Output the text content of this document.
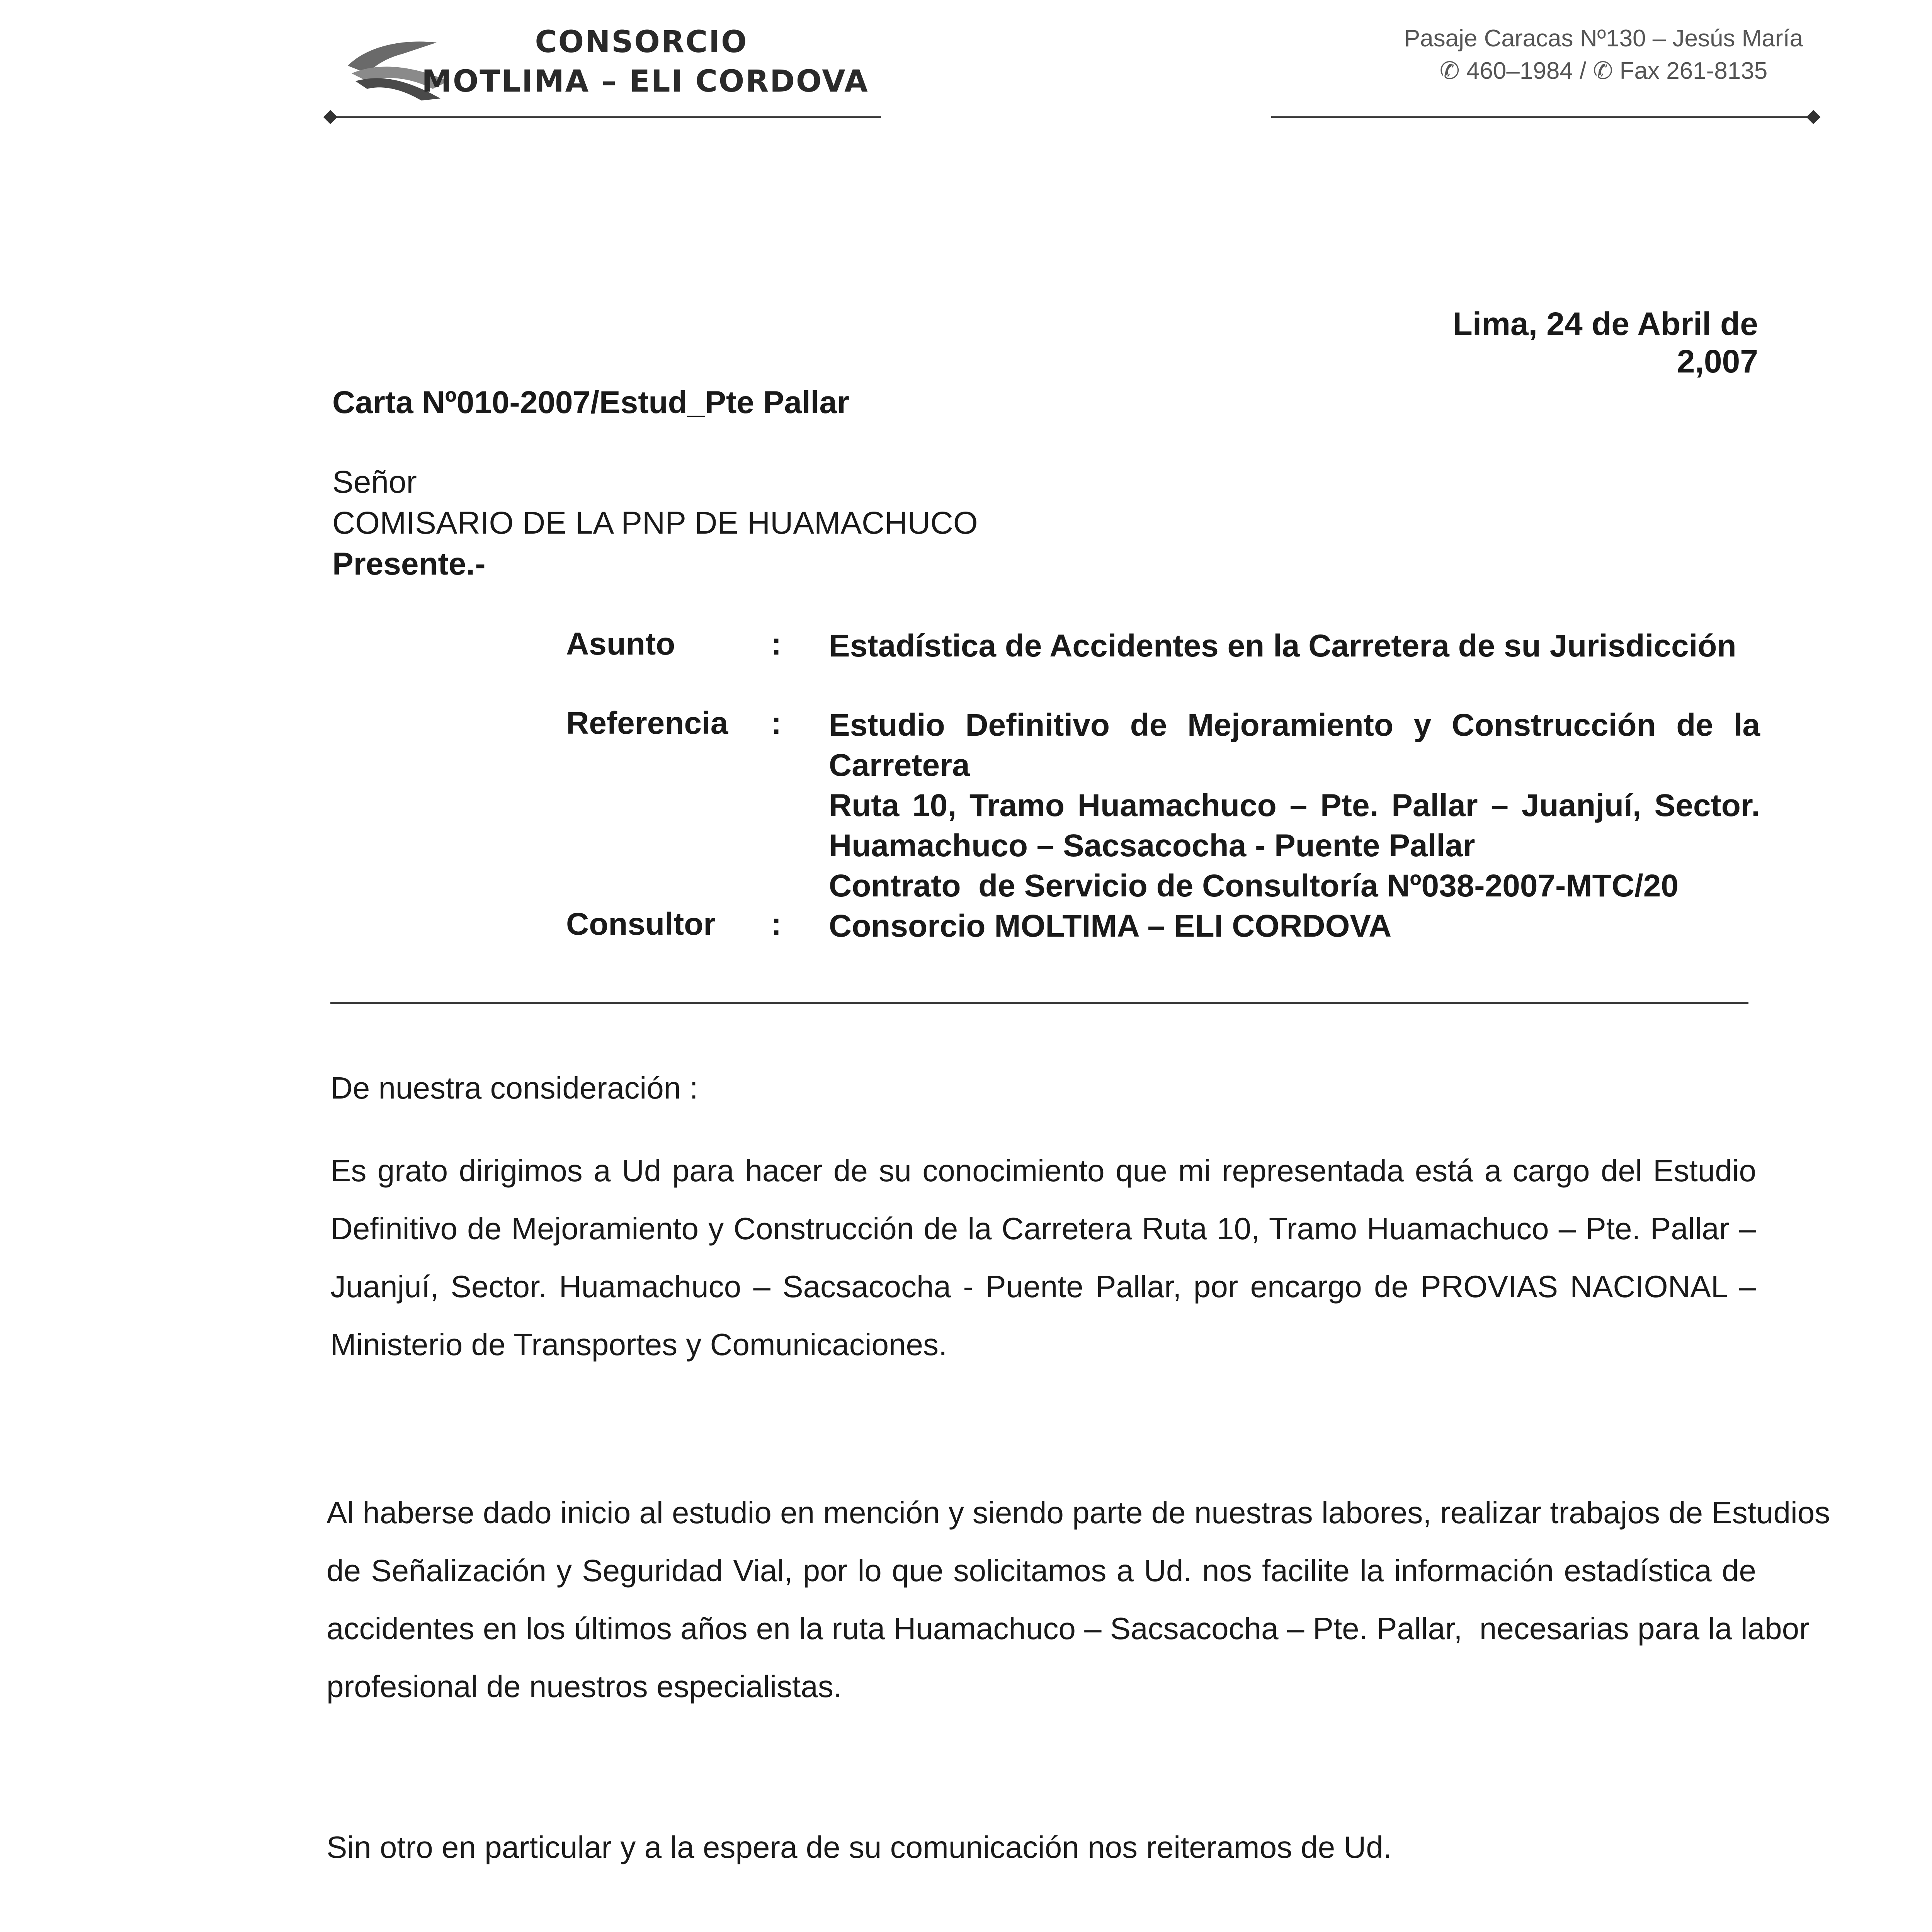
CONSORCIO
MOTLIMA – ELI CORDOVA
Pasaje Caracas Nº130 – Jesús María
✆ 460–1984 / ✆ Fax 261-8135
Lima, 24 de Abril de 2,007
Carta Nº010-2007/Estud_Pte Pallar
Señor
COMISARIO DE LA PNP DE HUAMACHUCO
Presente.-
Asunto	: Estadística de Accidentes en la Carretera de su Jurisdicción
Referencia : Estudio Definitivo de Mejoramiento y Construcción de la Carretera
Ruta 10, Tramo Huamachuco – Pte. Pallar – Juanjuí, Sector.
Huamachuco – Sacsacocha - Puente Pallar
Contrato  de Servicio de Consultoría Nº038-2007-MTC/20
Consultor : Consorcio MOLTIMA – ELI CORDOVA
De nuestra consideración :
Es grato dirigimos a Ud para hacer de su conocimiento que mi representada está a cargo del Estudio
Definitivo de Mejoramiento y Construcción de la Carretera Ruta 10, Tramo Huamachuco – Pte. Pallar –
Juanjuí, Sector. Huamachuco – Sacsacocha - Puente Pallar, por encargo de PROVIAS NACIONAL –
Ministerio de Transportes y Comunicaciones.
Al haberse dado inicio al estudio en mención y siendo parte de nuestras labores, realizar trabajos de Estudios
de Señalización y Seguridad Vial, por lo que solicitamos a Ud. nos facilite la información estadística de
accidentes en los últimos años en la ruta Huamachuco – Sacsacocha – Pte. Pallar,  necesarias para la labor
profesional de nuestros especialistas.
Sin otro en particular y a la espera de su comunicación nos reiteramos de Ud.
